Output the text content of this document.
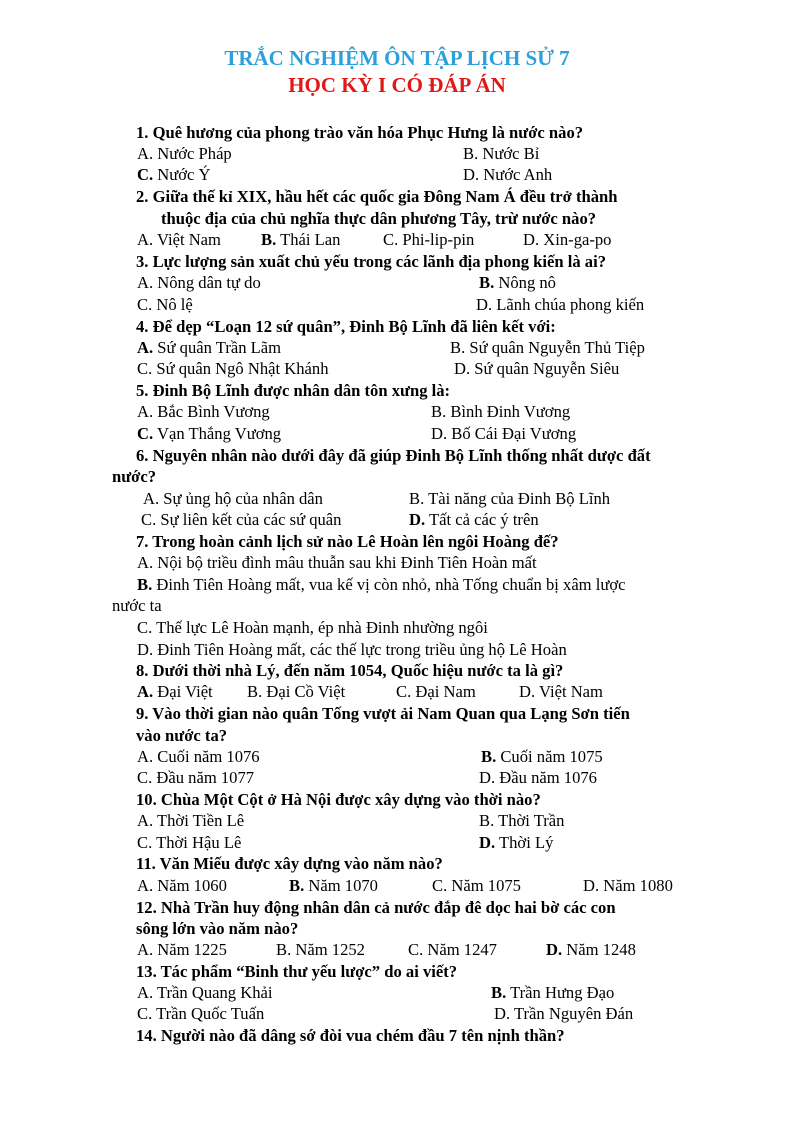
TRẮC NGHIỆM ÔN TẬP LỊCH SỬ 7
HỌC KỲ I CÓ ĐÁP ÁN
1. Quê hương của phong trào văn hóa Phục Hưng là nước nào?
A. Nước Pháp	B. Nước Bỉ
C. Nước Ý	D. Nước Anh
2. Giữa thế kỉ XIX, hầu hết các quốc gia Đông Nam Á đều trở thành
thuộc địa của chủ nghĩa thực dân phương Tây, trừ nước nào?
A. Việt Nam B. Thái Lan	C. Phi-lip-pin	D. Xin-ga-po
3. Lực lượng sản xuất chủ yếu trong các lãnh địa phong kiến là ai?
A. Nông dân tự do	B. Nông nô
C. Nô lệ	D. Lãnh chúa phong kiến
4. Để dẹp “Loạn 12 sứ quân”, Đinh Bộ Lĩnh đã liên kết với:
A. Sứ quân Trần Lãm	B. Sứ quân Nguyễn Thủ Tiệp
C. Sứ quân Ngô Nhật Khánh	D. Sứ quân Nguyễn Siêu
5. Đinh Bộ Lĩnh được nhân dân tôn xưng là:
A. Bắc Bình Vương	B. Bình Đinh Vương
C. Vạn Thắng Vương	D. Bố Cái Đại Vương
6. Nguyên nhân nào dưới đây đã giúp Đinh Bộ Lĩnh thống nhất dược đất
nước?
A. Sự ủng hộ của nhân dân	B. Tài năng của Đinh Bộ Lĩnh
C. Sự liên kết của các sứ quân	D. Tất cả các ý trên
7. Trong hoàn cảnh lịch sử nào Lê Hoàn lên ngôi Hoàng đế?
A. Nội bộ triều đình mâu thuẫn sau khi Đinh Tiên Hoàn mất
B. Đinh Tiên Hoàng mất, vua kế vị còn nhỏ, nhà Tống chuẩn bị xâm lược
nước ta
C. Thế lực Lê Hoàn mạnh, ép nhà Đinh nhường ngôi
D. Đinh Tiên Hoàng mất, các thế lực trong triều ủng hộ Lê Hoàn
8. Dưới thời nhà Lý, đến năm 1054, Quốc hiệu nước ta là gì?
A. Đại Việt B. Đại Cồ Việt	C. Đại Nam	D. Việt Nam
9. Vào thời gian nào quân Tống vượt ải Nam Quan qua Lạng Sơn tiến
vào nước ta?
A. Cuối năm 1076	B. Cuối năm 1075
C. Đầu năm 1077	D. Đầu năm 1076
10. Chùa Một Cột ở Hà Nội được xây dựng vào thời nào?
A. Thời Tiền Lê	B. Thời Trần
C. Thời Hậu Lê	D. Thời Lý
11. Văn Miếu được xây dựng vào năm nào?
A. Năm 1060	B. Năm 1070	C. Năm 1075	D. Năm 1080
12. Nhà Trần huy động nhân dân cả nước đắp đê dọc hai bờ các con
sông lớn vào năm nào?
A. Năm 1225	B. Năm 1252	C. Năm 1247	D. Năm 1248
13. Tác phẩm “Binh thư yếu lược” do ai viết?
A. Trần Quang Khải	B. Trần Hưng Đạo
C. Trần Quốc Tuấn	D. Trần Nguyên Đán
14. Người nào đã dâng sớ đòi vua chém đầu 7 tên nịnh thần?
